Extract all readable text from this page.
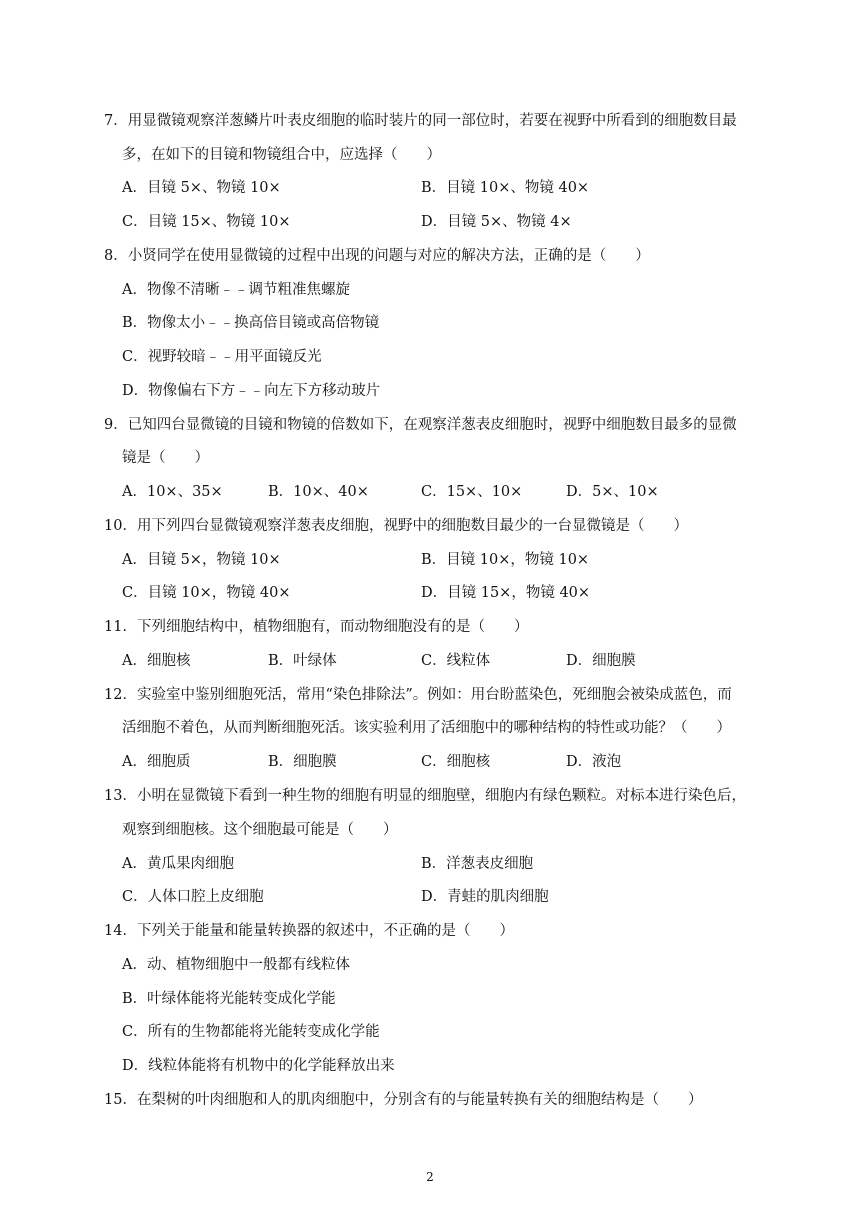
7．用显微镜观察洋葱鳞片叶表皮细胞的临时装片的同一部位时，若要在视野中所看到的细胞数目最
多，在如下的目镜和物镜组合中，应选择（　　）
A．目镜 5×、物镜 10×	B．目镜 10×、物镜 40×
C．目镜 15×、物镜 10×	D．目镜 5×、物镜 4×
8．小贤同学在使用显微镜的过程中出现的问题与对应的解决方法，正确的是（　　）
A．物像不清晰﹣﹣调节粗准焦螺旋
B．物像太小﹣﹣换高倍目镜或高倍物镜
C．视野较暗﹣﹣用平面镜反光
D．物像偏右下方﹣﹣向左下方移动玻片
9．已知四台显微镜的目镜和物镜的倍数如下，在观察洋葱表皮细胞时，视野中细胞数目最多的显微
镜是（　　）
A．10×、35×	B．10×、40×	C．15×、10×	D．5×、10×
10．用下列四台显微镜观察洋葱表皮细胞，视野中的细胞数目最少的一台显微镜是（　　）
A．目镜 5×，物镜 10×	B．目镜 10×，物镜 10×
C．目镜 10×，物镜 40×	D．目镜 15×，物镜 40×
11．下列细胞结构中，植物细胞有，而动物细胞没有的是（　　）
A．细胞核	B．叶绿体	C．线粒体	D．细胞膜
12．实验室中鉴别细胞死活，常用“染色排除法”。例如：用台盼蓝染色，死细胞会被染成蓝色，而
活细胞不着色，从而判断细胞死活。该实验利用了活细胞中的哪种结构的特性或功能？（　　）
A．细胞质	B．细胞膜	C．细胞核	D．液泡
13．小明在显微镜下看到一种生物的细胞有明显的细胞壁，细胞内有绿色颗粒。对标本进行染色后，
观察到细胞核。这个细胞最可能是（　　）
A．黄瓜果肉细胞	B．洋葱表皮细胞
C．人体口腔上皮细胞	D．青蛙的肌肉细胞
14．下列关于能量和能量转换器的叙述中，不正确的是（　　）
A．动、植物细胞中一般都有线粒体
B．叶绿体能将光能转变成化学能
C．所有的生物都能将光能转变成化学能
D．线粒体能将有机物中的化学能释放出来
15．在梨树的叶肉细胞和人的肌肉细胞中，分别含有的与能量转换有关的细胞结构是（　　）
2
